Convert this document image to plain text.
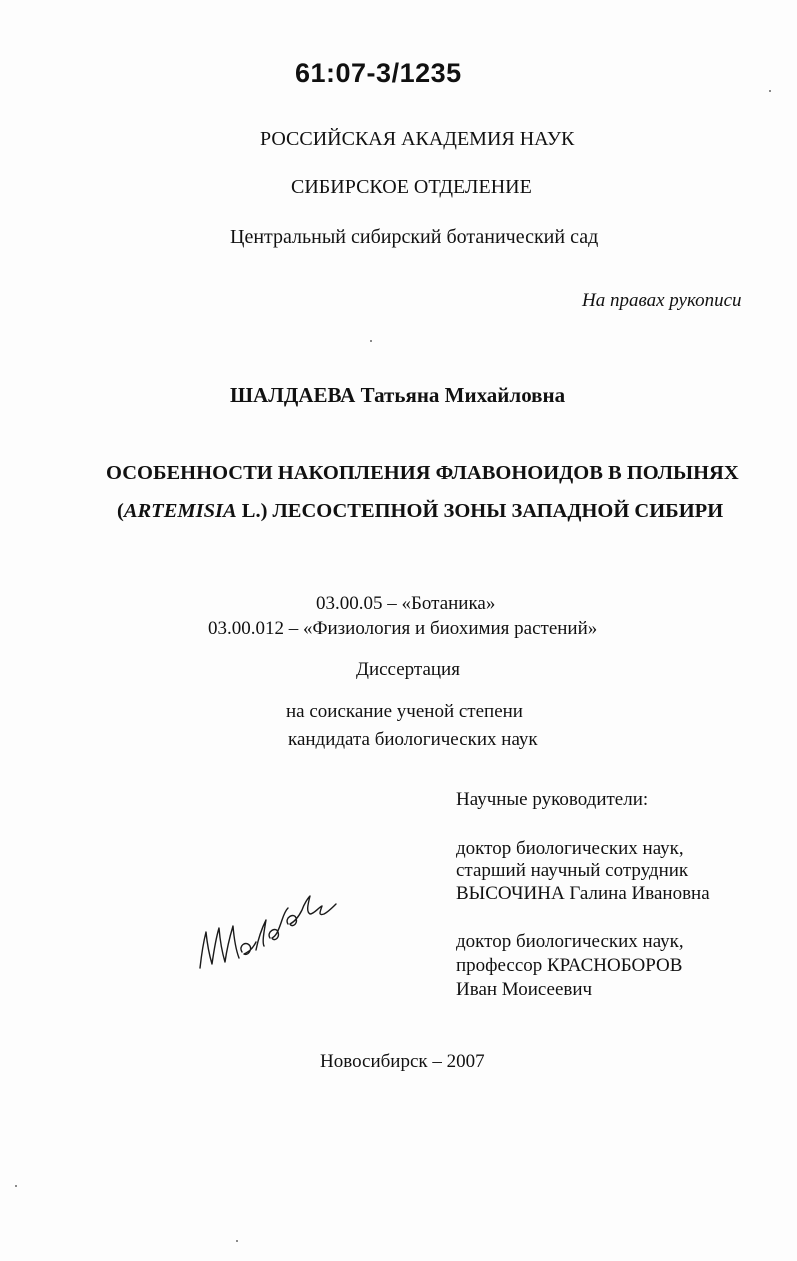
61:07-3/1235
РОССИЙСКАЯ АКАДЕМИЯ НАУК
СИБИРСКОЕ ОТДЕЛЕНИЕ
Центральный сибирский ботанический сад
На правах рукописи
ШАЛДАЕВА Татьяна Михайловна
ОСОБЕННОСТИ НАКОПЛЕНИЯ ФЛАВОНОИДОВ В ПОЛЫНЯХ
(ARTEMISIA L.) ЛЕСОСТЕПНОЙ ЗОНЫ ЗАПАДНОЙ СИБИРИ
03.00.05 – «Ботаника»
03.00.012 – «Физиология и биохимия растений»
Диссертация
на соискание ученой степени
кандидата биологических наук
Научные руководители:
доктор биологических наук,
старший научный сотрудник
ВЫСОЧИНА Галина Ивановна
доктор биологических наук,
профессор КРАСНОБОРОВ
Иван Моисеевич
Новосибирск – 2007
